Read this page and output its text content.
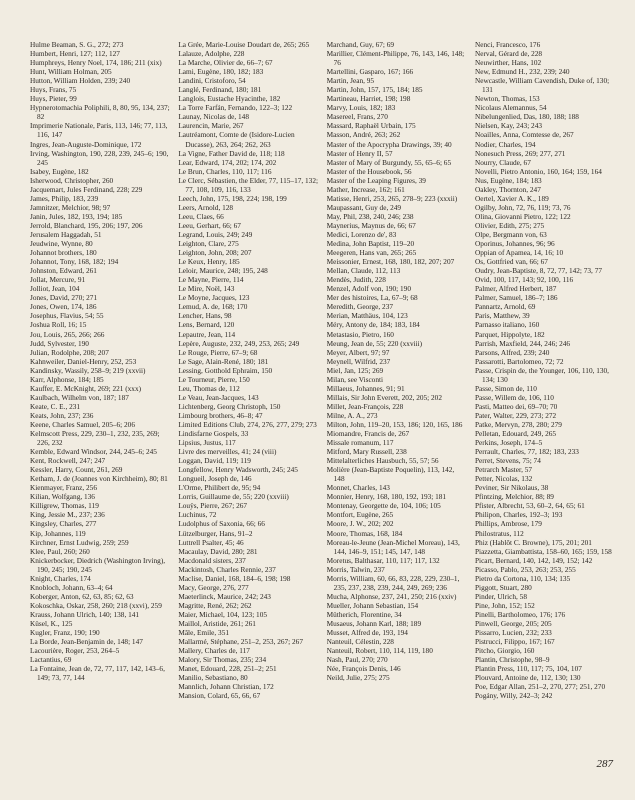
Hulme Beaman, S. G., 272; 273
Humbert, Henri, 127; 112, 127
Humphreys, Henry Noel, 174, 186; 211 (xix)
Hunt, William Holman, 205
Hutton, William Holden, 239; 240
Huys, Frans, 75
Huys, Pieter, 99
Hypnerotomachia Poliphili, 8, 80, 95, 134, 237; 82
Imprimerie Nationale, Paris, 113, 146; 77, 113, 116, 147
Ingres, Jean-Auguste-Dominique, 172
Irving, Washington, 190, 228, 239, 245–6; 190, 245
Isabey, Eugène, 182
Isherwood, Christopher, 260
Jacquemart, Jules Ferdinand, 228; 229
James, Philip, 183, 239
Jamnitzer, Melchior, 98; 97
Janin, Jules, 182, 193, 194; 185
Jerrold, Blanchard, 195, 206; 197, 206
Jerusalem Haggadah, 51
Jeudwine, Wynne, 80
Johannot brothers, 180
Johannot, Tony, 168, 182; 194
Johnston, Edward, 261
Jollat, Mercure, 91
Jolliot, Jean, 104
Jones, David, 270; 271
Jones, Owen, 174, 186
Josephus, Flavius, 54; 55
Joshua Roll, 16; 15
Jou, Louis, 265, 266; 266
Judd, Sylvester, 190
Julian, Rodolphe, 208; 207
Kahnweiler, Daniel-Henry, 252, 253
Kandinsky, Wassily, 258–9; 219 (xxvii)
Karr, Alphonse, 184; 185
Kauffer, E. McKnight, 269; 221 (xxx)
Kaulbach, Wilhelm von, 187; 187
Keate, C. E., 231
Keats, John, 237; 236
Keene, Charles Samuel, 205–6; 206
Kelmscott Press, 229, 230–1, 232, 235, 269; 226, 232
Kemble, Edward Windsor, 244, 245–6; 245
Kent, Rockwell, 247; 247
Kessler, Harry, Count, 261, 269
Ketham, J. de (Joannes von Kirchheim), 80; 81
Kienmayer, Franz, 256
Kilian, Wolfgang, 136
Killigrew, Thomas, 119
King, Jessie M., 237; 236
Kingsley, Charles, 277
Kip, Johannes, 119
Kirchner, Ernst Ludwig, 259; 259
Klee, Paul, 260; 260
Knickerbocker, Diedrich (Washington Irving), 190, 245; 190, 245
Knight, Charles, 174
Knobloch, Johann, 63–4; 64
Koberger, Anton, 62, 63, 85; 62, 63
Kokoschka, Oskar, 258, 260; 218 (xxvi), 259
Krauss, Johann Ulrich, 140; 138, 141
Küsel, K., 125
Kugler, Franz, 190; 190
La Borde, Jean-Benjamin de, 148; 147
Lacourière, Roger, 253, 264–5
Lactantius, 69
La Fontaine, Jean de, 72, 77, 117, 142, 143–6, 149; 73, 77, 144
La Grée, Marie-Louise Doudart de, 265; 265
Lalauze, Adolphe, 228
La Marche, Olivier de, 66–7; 67
Lami, Eugène, 180, 182; 183
Landini, Cristoforo, 54
Langlé, Ferdinand, 180; 181
Langlois, Eustache Hyacinthe, 182
La Torre Farfán, Fernando, 122–3; 122
Launay, Nicolas de, 148
Laurencin, Marie, 267
Lautréamont, Comte de (Isidore-Lucien Ducasse), 263, 264; 262, 263
La Vigne, Father David de, 118; 118
Lear, Edward, 174, 202; 174, 202
Le Brun, Charles, 110, 117; 116
Le Clerc, Sébastien, the Elder, 77, 115–17, 132; 77, 108, 109, 116, 133
Leech, John, 175, 198, 224; 198, 199
Leers, Arnold, 128
Leeu, Claes, 66
Leeu, Gerhart, 66; 67
Legrand, Louis, 249; 249
Leighton, Clare, 275
Leighton, John, 208; 207
Le Keux, Henry, 185
Leloir, Maurice, 248; 195, 248
Le Mayne, Pierre, 114
Le Mire, Noël, 143
Le Moyne, Jacques, 123
Lemud, A. de, 168; 170
Lencher, Hans, 98
Lens, Bernard, 120
Lepautre, Jean, 114
Lepère, Auguste, 232, 249, 253, 265; 249
Le Rouge, Pierre, 67–9; 68
Le Sage, Alain-René, 180; 181
Lessing, Gotthold Ephraim, 150
Le Tourneur, Pierre, 150
Leu, Thomas de, 112
Le Veau, Jean-Jacques, 143
Lichtenberg, Georg Christoph, 150
Limbourg brothers, 46–8; 47
Limited Editions Club, 274, 276, 277, 279; 273
Lindisfarne Gospels, 33
Lipsius, Justus, 117
Livre des merveilles, 41; 24 (viii)
Loggan, David, 119; 119
Longfellow, Henry Wadsworth, 245; 245
Longueil, Joseph de, 146
L'Orme, Philibert de, 95; 94
Lorris, Guillaume de, 55; 220 (xxviii)
Louÿs, Pierre, 267; 267
Luchinus, 72
Ludolphus of Saxonia, 66; 66
Lützelburger, Hans, 91–2
Luttrell Psalter, 45; 46
Macaulay, David, 280; 281
Macdonald sisters, 237
Mackintosh, Charles Rennie, 237
Maclise, Daniel, 168, 184–6, 198; 198
Macy, George, 276, 277
Maeterlinck, Maurice, 242; 243
Magritte, René, 262; 262
Maier, Michael, 104, 123; 105
Maillol, Aristide, 261; 261
Mâle, Emile, 351
Mallarmé, Stéphane, 251–2, 253, 267; 267
Mallery, Charles de, 117
Malory, Sir Thomas, 235; 234
Manet, Edouard, 228, 251–2; 251
Manilio, Sebastiano, 80
Mannlich, Johann Christian, 172
Mansion, Colard, 65, 66, 67
Marchand, Guy, 67; 69
Marillier, Clément-Philippe, 76, 143, 146, 148; 76
Martellini, Gasparo, 167; 166
Martin, Jean, 95
Martin, John, 157, 175, 184; 185
Martineau, Harriet, 198; 198
Marvy, Louis, 182; 183
Masereel, Frans, 270
Massard, Raphaël Urbain, 175
Masson, André, 263; 262
Master of the Apocrypha Drawings, 39; 40
Master of Henry II, 57
Master of Mary of Burgundy, 55, 65–6; 65
Master of the Housebook, 56
Master of the Leaping Figures, 39
Mather, Increase, 162; 161
Matisse, Henri, 253, 265, 278–9; 223 (xxxii)
Maupassant, Guy de, 249
May, Phil, 238, 240, 246; 238
Maynerius, Maynus de, 66; 67
Medici, Lorenzo de', 83
Medina, John Baptist, 119–20
Meegeren, Hans van, 265; 265
Meissonier, Ernest, 168, 180, 182, 207; 207
Mellan, Claude, 112, 113
Mendès, Judith, 228
Menzel, Adolf von, 190; 190
Mer des histoires, La, 67–9; 68
Meredith, George, 237
Merian, Matthäus, 104, 123
Méry, Antony de, 184; 183, 184
Metastasio, Pietro, 160
Meung, Jean de, 55; 220 (xxviii)
Meyer, Albert, 97; 97
Meynell, Wilfrid, 237
Miel, Jan, 125; 269
Milan, see Visconti
Millaeus, Johannes, 91; 91
Millais, Sir John Everett, 202, 205; 202
Millet, Jean-François, 228
Milne, A. A., 273
Milton, John, 119–20, 153, 186; 120, 165, 186
Miomandre, Francis de, 267
Missale romanum, 117
Mitford, Mary Russell, 238
Mittelalterliches Hausbuch, 55, 57; 56
Molière (Jean-Baptiste Poquelin), 113, 142, 148
Monnet, Charles, 143
Monnier, Henry, 168, 180, 192, 193; 181
Montenay, Georgette de, 104, 106; 105
Montfort, Eugène, 265
Moore, J. W., 202; 202
Moore, Thomas, 168, 184
Moreau-le-Jeune (Jean-Michel Moreau), 143, 144, 146–9, 151; 145, 147, 148
Moretus, Balthasar, 110, 117; 117, 132
Morris, Talwin, 237
Morris, William, 60, 66, 83, 228, 229, 230–1, 235, 237, 238, 239, 244, 249, 269; 236
Mucha, Alphonse, 237, 241, 250; 216 (xxiv)
Mueller, Johann Sebastian, 154
Mütherich, Florentine, 34
Musaeus, Johann Karl, 188; 189
Musset, Alfred de, 193, 194
Nanteuil, Célestin, 228
Nanteuil, Robert, 110, 114, 119, 180
Nash, Paul, 270; 270
Née, François Denis, 146
Neild, Julie, 275; 275
Nenci, Francesco, 176
Nerval, Gérard de, 228
Neuwirther, Hans, 102
New, Edmund H., 232, 239; 240
Newcastle, William Cavendish, Duke of, 130; 131
Newton, Thomas, 153
Nicolaus Alemannus, 54
Nibelungenlied, Das, 180, 188; 188
Nielsen, Kay, 243; 243
Noailles, Anna, Comtesse de, 267
Nodier, Charles, 194
Nonesuch Press, 269; 277, 271
Nourry, Claude, 67
Novelli, Pietro Antonio, 160, 164; 159, 164
Nus, Eugène, 184; 183
Oakley, Thornton, 247
Oertel, Xavier A. K., 189
Ogilby, John, 72, 76, 119; 73, 76
Olina, Giovanni Pietro, 122; 122
Olivier, Edith, 275; 275
Olpe, Bergmann von, 63
Oporinus, Johannes, 96; 96
Oppian of Apamea, 14, 16; 10
Os, Gottfried van, 66; 67
Oudry, Jean-Baptiste, 8, 72, 77, 142; 73, 77
Ovid, 100, 117, 143; 92, 100, 116
Palmer, Alfred Herbert, 187
Palmer, Samuel, 186–7; 186
Pannartz, Arnold, 69
Paris, Matthew, 39
Parnasso italiano, 160
Parquet, Hippolyte, 182
Parrish, Maxfield, 244, 246; 246
Parsons, Alfred, 239; 240
Passarotti, Bartolomeo, 72; 72
Passe, Crispin de, the Younger, 106, 110, 130, 134; 130
Passe, Simon de, 110
Passe, Willem de, 106, 110
Pasti, Matteo dei, 69–70; 70
Pater, Walter, 229, 273; 272
Patke, Mervyn, 278, 280; 279
Pelletan, Edouard, 249, 265
Perkins, Joseph, 174–5
Perrault, Charles, 77, 182; 183, 233
Perret, Stevens, 75; 74
Petrarch Master, 57
Petter, Nicolas, 132
Peviner, Sir Nikolaus, 38
Pfintzing, Melchior, 88; 89
Pfister, Albrecht, 53, 60–2, 64, 65; 61
Philipon, Charles, 192–3; 193
Phillips, Ambrose, 179
Philostratus, 112
Phiz (Hablôt C. Browne), 175, 201; 201
Piazzetta, Giambattista, 158–60, 165; 159, 158
Picart, Bernard, 140, 142, 149, 152; 142
Picasso, Pablo, 253, 263; 253, 255
Pietro da Cortona, 110, 134; 135
Piggott, Stuart, 280
Pinder, Ulrich, 58
Pine, John, 152; 152
Pinelli, Bartholomeo, 176; 176
Pinwell, George, 205; 205
Pissarro, Lucien, 232; 233
Pistrucci, Filippo, 167; 167
Pitcho, Giorgio, 160
Plantin, Christophe, 98–9
Plantin Press, 110, 117; 75, 104, 107
Plouvard, Antoine de, 112, 130; 130
Poe, Edgar Allan, 251–2, 270, 277; 251, 270
Pogány, Willy, 242–3; 242
287
